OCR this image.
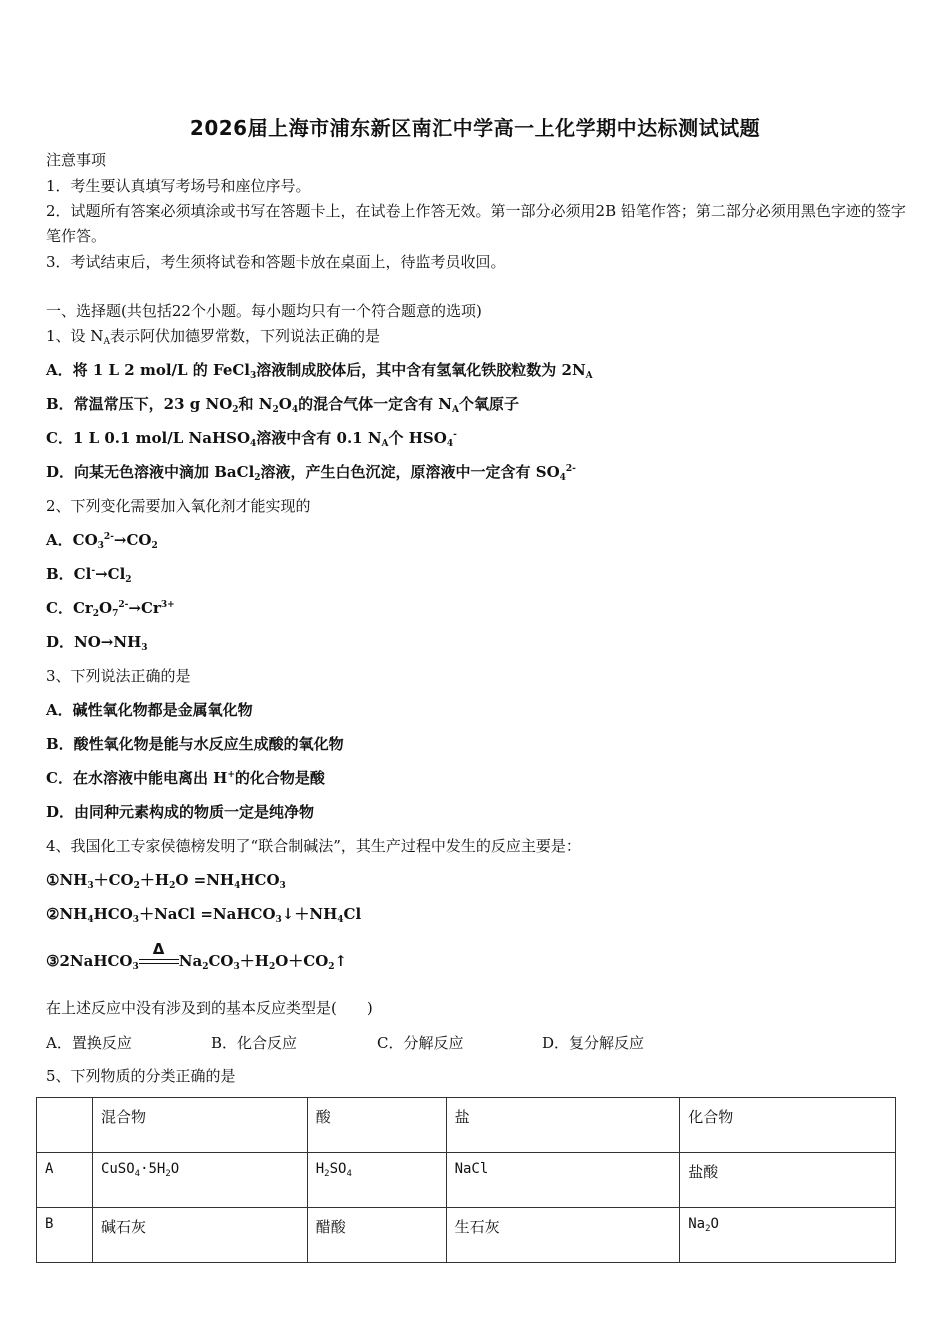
2026届上海市浦东新区南汇中学高一上化学期中达标测试试题
注意事项
1．考生要认真填写考场号和座位序号。
2．试题所有答案必须填涂或书写在答题卡上，在试卷上作答无效。第一部分必须用2B 铅笔作答；第二部分必须用黑色字迹的签字笔作答。
3．考试结束后，考生须将试卷和答题卡放在桌面上，待监考员收回。
一、选择题(共包括22个小题。每小题均只有一个符合题意的选项)
1、设 $N_A$表示阿伏加德罗常数，下列说法正确的是
A．将 1 L 2 mol/L 的 FeCl$_3$溶液制成胶体后，其中含有氢氧化铁胶粒数为 $2N_A$
B．常温常压下，23 g $NO_2$和 $N_2O_4$的混合气体一定含有 $N_A$个氧原子
C．1 L 0.1 mol/L NaHSO$_4$溶液中含有 0.1 $N_A$个 $HSO_4^-$
D．向某无色溶液中滴加 BaCl$_2$溶液，产生白色沉淀，原溶液中一定含有 $SO_4^{2-}$
2、下列变化需要加入氧化剂才能实现的
A．$CO_3^{2-}\to CO_2$
B．$Cl^-\to Cl_2$
C．$Cr_2O_7^{2-}\to Cr^{3+}$
D．$NO\to NH_3$
3、下列说法正确的是
A．碱性氧化物都是金属氧化物
B．酸性氧化物是能与水反应生成酸的氧化物
C．在水溶液中能电离出 H+的化合物是酸
D．由同种元素构成的物质一定是纯净物
4、我国化工专家侯德榜发明了“联合制碱法”，其生产过程中发生的反应主要是：
$①NH_3+CO_2+H_2O =NH_4HCO_3$
$②NH_4HCO_3+NaCl$ $=NaHCO_3↓+NH_4Cl$
③2NaHCO$_3$
Δ
$Na_2CO_3+H_2O+CO_2↑$
在上述反应中没有涉及到的基本反应类型是(　　)
A．置换反应	B．化合反应	C．分解反应	D．复分解反应
5、下列物质的分类正确的是
	混合物	酸	盐	化合物
A	$CuSO_4\cdot 5H_2O$	$H_2SO_4$	NaCl	盐酸
B	碱石灰	醋酸	生石灰	$Na_2O$
